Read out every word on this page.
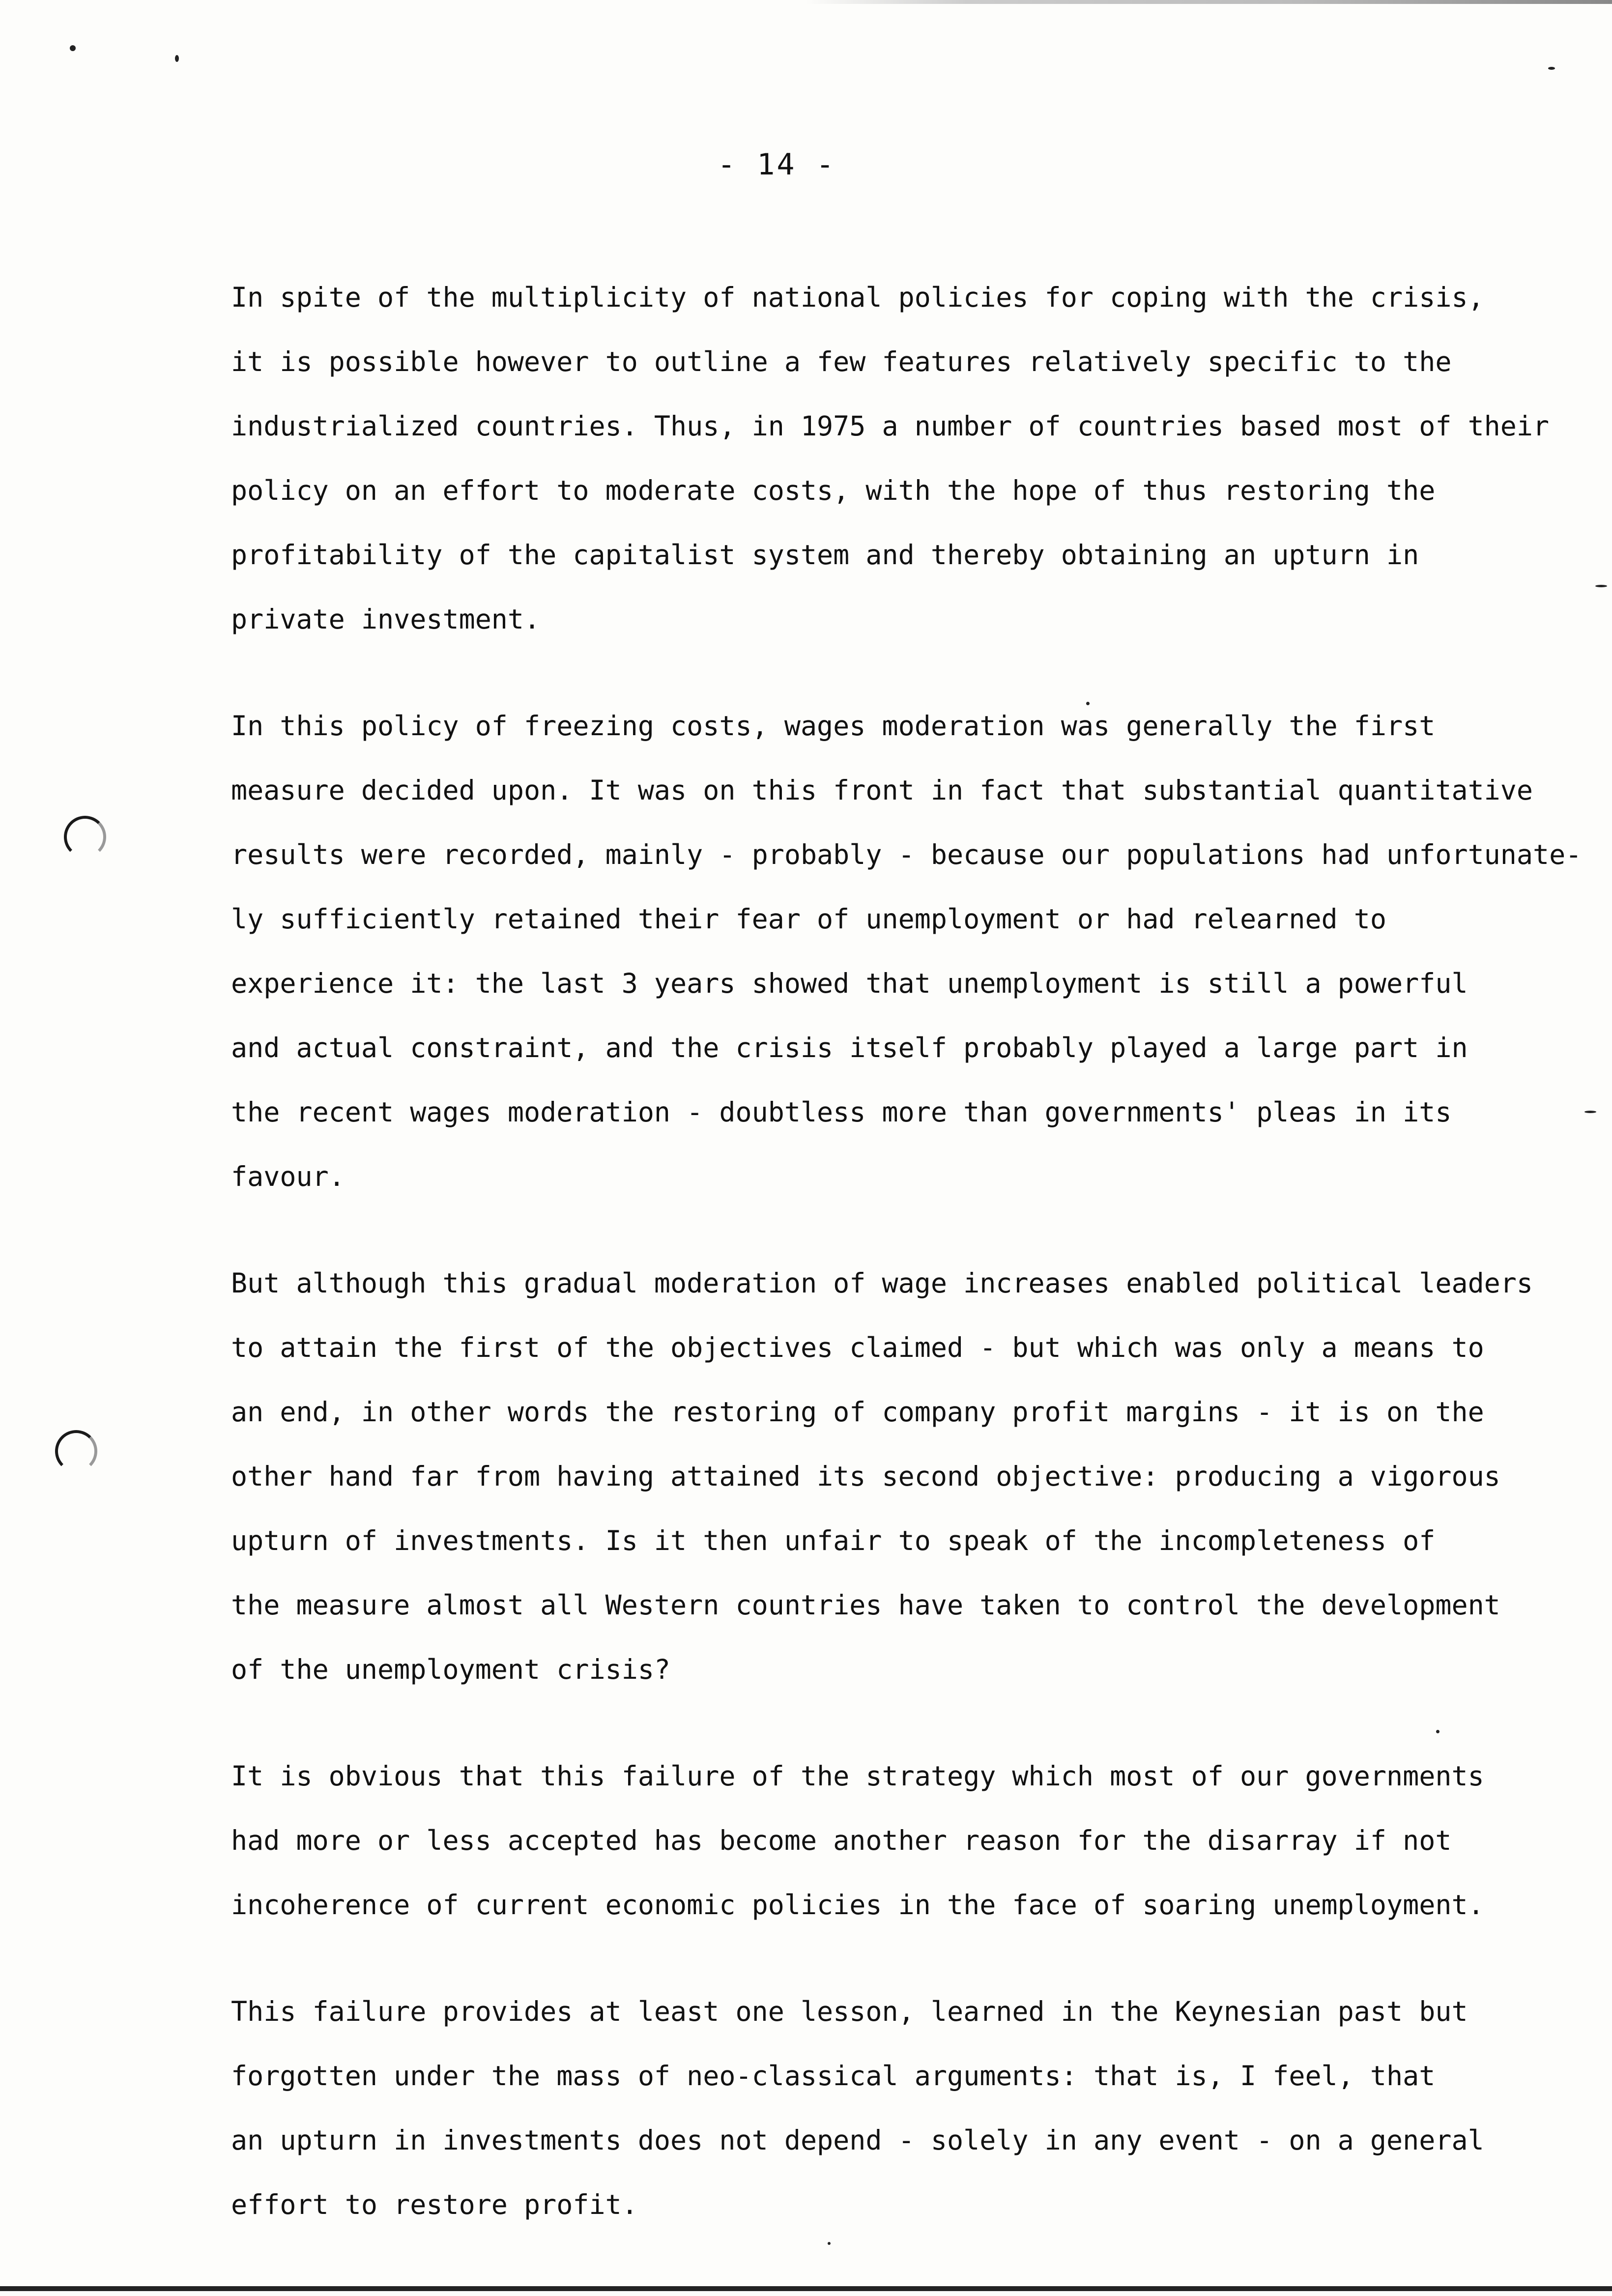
- 14 -
In spite of the multiplicity of national policies for coping with the crisis,
it is possible however to outline a few features relatively specific to the
industrialized countries. Thus, in 1975 a number of countries based most of their
policy on an effort to moderate costs, with the hope of thus restoring the
profitability of the capitalist system and thereby obtaining an upturn in
private investment.
In this policy of freezing costs, wages moderation was generally the first
measure decided upon. It was on this front in fact that substantial quantitative
results were recorded, mainly - probably - because our populations had unfortunate-
ly sufficiently retained their fear of unemployment or had relearned to
experience it: the last 3 years showed that unemployment is still a powerful
and actual constraint, and the crisis itself probably played a large part in
the recent wages moderation - doubtless more than governments' pleas in its
favour.
But although this gradual moderation of wage increases enabled political leaders
to attain the first of the objectives claimed - but which was only a means to
an end, in other words the restoring of company profit margins - it is on the
other hand far from having attained its second objective: producing a vigorous
upturn of investments. Is it then unfair to speak of the incompleteness of
the measure almost all Western countries have taken to control the development
of the unemployment crisis?
It is obvious that this failure of the strategy which most of our governments
had more or less accepted has become another reason for the disarray if not
incoherence of current economic policies in the face of soaring unemployment.
This failure provides at least one lesson, learned in the Keynesian past but
forgotten under the mass of neo-classical arguments: that is, I feel, that
an upturn in investments does not depend - solely in any event - on a general
effort to restore profit.
